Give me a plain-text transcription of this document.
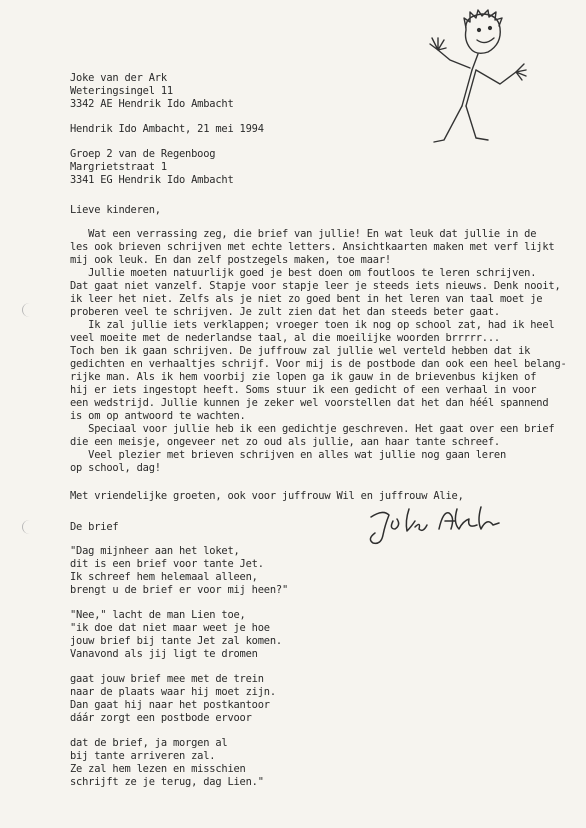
Joke van der Ark
Weteringsingel 11
3342 AE Hendrik Ido Ambacht
Hendrik Ido Ambacht, 21 mei 1994
Groep 2 van de Regenboog
Margrietstraat 1
3341 EG Hendrik Ido Ambacht
Lieve kinderen,
Wat een verrassing zeg, die brief van jullie! En wat leuk dat jullie in de
les ook brieven schrijven met echte letters. Ansichtkaarten maken met verf lijkt
mij ook leuk. En dan zelf postzegels maken, toe maar!
Jullie moeten natuurlijk goed je best doen om foutloos te leren schrijven.
Dat gaat niet vanzelf. Stapje voor stapje leer je steeds iets nieuws. Denk nooit,
ik leer het niet. Zelfs als je niet zo goed bent in het leren van taal moet je
proberen veel te schrijven. Je zult zien dat het dan steeds beter gaat.
Ik zal jullie iets verklappen; vroeger toen ik nog op school zat, had ik heel
veel moeite met de nederlandse taal, al die moeilijke woorden brrrrr...
Toch ben ik gaan schrijven. De juffrouw zal jullie wel verteld hebben dat ik
gedichten en verhaaltjes schrijf. Voor mij is de postbode dan ook een heel belang-
rijke man. Als ik hem voorbij zie lopen ga ik gauw in de brievenbus kijken of
hij er iets ingestopt heeft. Soms stuur ik een gedicht of een verhaal in voor
een wedstrijd. Jullie kunnen je zeker wel voorstellen dat het dan héél spannend
is om op antwoord te wachten.
Speciaal voor jullie heb ik een gedichtje geschreven. Het gaat over een brief
die een meisje, ongeveer net zo oud als jullie, aan haar tante schreef.
Veel plezier met brieven schrijven en alles wat jullie nog gaan leren
op school, dag!
Met vriendelijke groeten, ook voor juffrouw Wil en juffrouw Alie,
De brief
"Dag mijnheer aan het loket,
dit is een brief voor tante Jet.
Ik schreef hem helemaal alleen,
brengt u de brief er voor mij heen?"
"Nee," lacht de man Lien toe,
"ik doe dat niet maar weet je hoe
jouw brief bij tante Jet zal komen.
Vanavond als jij ligt te dromen
gaat jouw brief mee met de trein
naar de plaats waar hij moet zijn.
Dan gaat hij naar het postkantoor
dáár zorgt een postbode ervoor
dat de brief, ja morgen al
bij tante arriveren zal.
Ze zal hem lezen en misschien
schrijft ze je terug, dag Lien."
